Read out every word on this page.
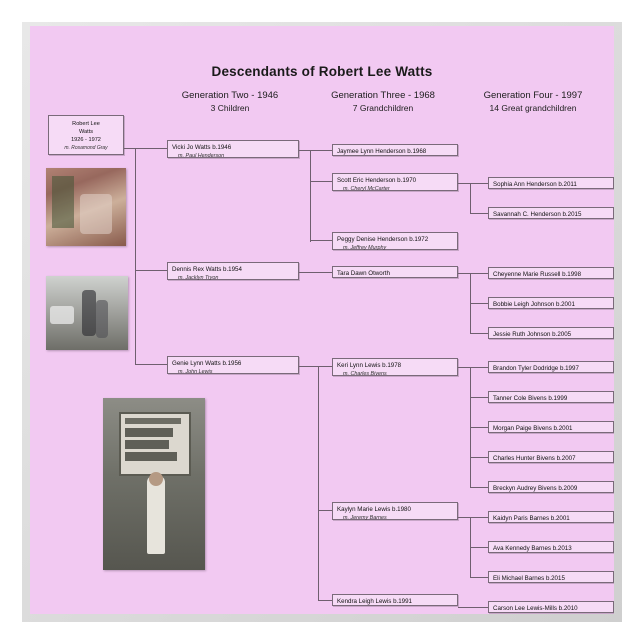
Descendants of Robert Lee Watts
Generation Two - 1946
3 Children
Generation Three - 1968
7 Grandchildren
Generation Four - 1997
14 Great grandchildren
Robert Lee
Watts
1926 - 1972
m. Rosamond Gray	Vicki Jo Watts b.1946
m. Paul Henderson
Dennis Rex Watts b.1954
m. Jacklyn Tryon
Genie Lynn Watts b.1956
m. John Lewis
Jaymee Lynn Henderson b.1968
Scott Eric Henderson b.1970
m. Cheryl McCarter
Peggy Denise Henderson b.1972
m. Jeffrey Murphy
Tara Dawn Otworth
Keri Lynn Lewis b.1978
m. Charles Bivens
Kaylyn Marie Lewis b.1980
m. Jeremy Barnes
Kendra Leigh Lewis b.1991
Sophia Ann Henderson b.2011
Savannah C. Henderson b.2015
Cheyenne Marie Russell b.1998
Bobbie Leigh Johnson b.2001
Jessie Ruth Johnson b.2005
Brandon Tyler Dodridge b.1997
Tanner Cole Bivens b.1999
Morgan Paige Bivens b.2001
Charles Hunter Bivens b.2007
Breckyn Audrey Bivens b.2009
Kaidyn Paris Barnes b.2001
Ava Kennedy Barnes b.2013
Eli Michael Barnes b.2015
Carson Lee Lewis-Mills b.2010
